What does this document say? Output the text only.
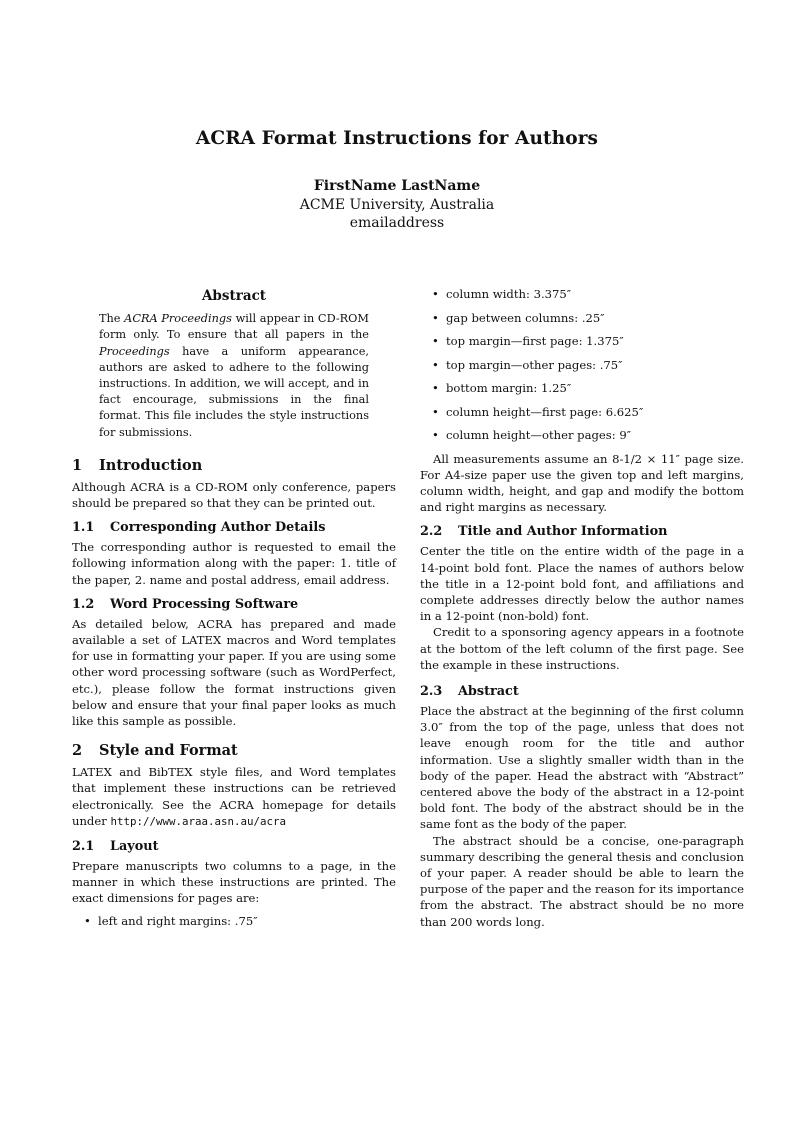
ACRA Format Instructions for Authors
FirstName LastName
ACME University, Australia
emailaddress
Abstract

The ACRA Proceedings will appear in CD-ROM form only. To ensure that all papers in the Proceedings have a uniform appearance, authors are asked to adhere to the following instructions. In addition, we will accept, and in fact encourage, submissions in the final format. This file includes the style instructions for submissions.

1 Introduction

Although ACRA is a CD-ROM only conference, papers should be prepared so that they can be printed out.

1.1 Corresponding Author Details

The corresponding author is requested to email the following information along with the paper: 1. title of the paper, 2. name and postal address, email address.

1.2 Word Processing Software

As detailed below, ACRA has prepared and made available a set of LATEX macros and Word templates for use in formatting your paper. If you are using some other word processing software (such as WordPerfect, etc.), please follow the format instructions given below and ensure that your final paper looks as much like this sample as possible.

2 Style and Format

LATEX and BibTEX style files, and Word templates that implement these instructions can be retrieved electronically. See the ACRA homepage for details under http://www.araa.asn.au/acra

2.1 Layout

Prepare manuscripts two columns to a page, in the manner in which these instructions are printed. The exact dimensions for pages are:

• left and right margins: .75″
• column width: 3.375″
• gap between columns: .25″
• top margin—first page: 1.375″
• top margin—other pages: .75″
• bottom margin: 1.25″
• column height—first page: 6.625″
• column height—other pages: 9″

All measurements assume an 8-1/2 × 11″ page size. For A4-size paper use the given top and left margins, column width, height, and gap and modify the bottom and right margins as necessary.

2.2 Title and Author Information

Center the title on the entire width of the page in a 14-point bold font. Place the names of authors below the title in a 12-point bold font, and affiliations and complete addresses directly below the author names in a 12-point (non-bold) font.

Credit to a sponsoring agency appears in a footnote at the bottom of the left column of the first page. See the example in these instructions.

2.3 Abstract

Place the abstract at the beginning of the first column 3.0″ from the top of the page, unless that does not leave enough room for the title and author information. Use a slightly smaller width than in the body of the paper. Head the abstract with “Abstract” centered above the body of the abstract in a 12-point bold font. The body of the abstract should be in the same font as the body of the paper.

The abstract should be a concise, one-paragraph summary describing the general thesis and conclusion of your paper. A reader should be able to learn the purpose of the paper and the reason for its importance from the abstract. The abstract should be no more than 200 words long.
